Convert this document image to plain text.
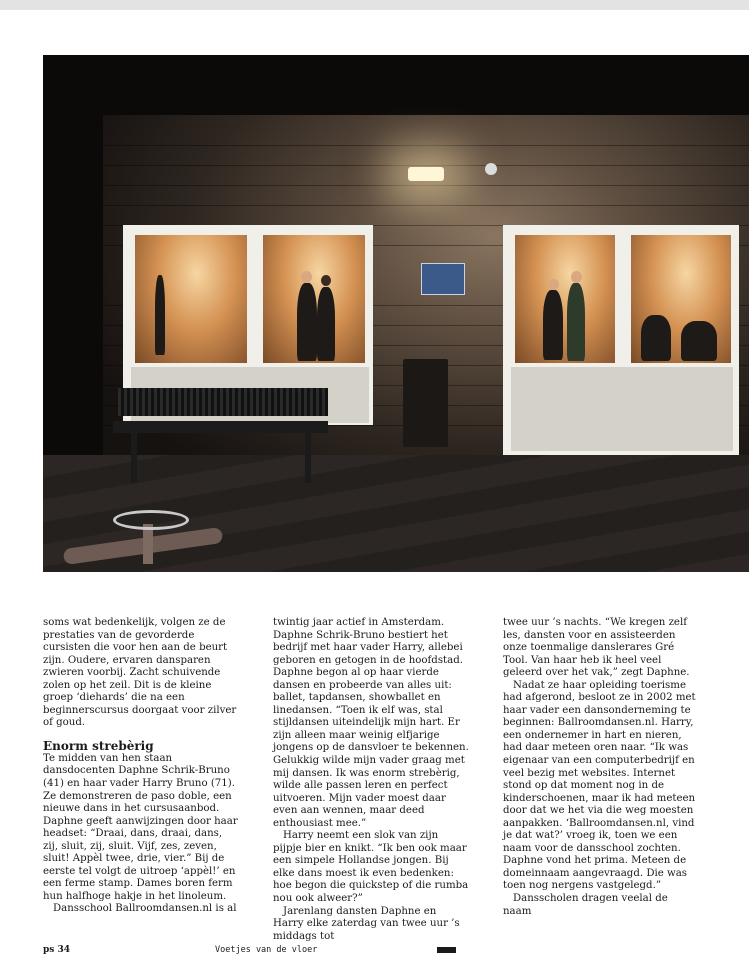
soms wat bedenkelijk, volgen ze de prestaties van de gevorderde cursisten die voor hen aan de beurt zijn. Oudere, ervaren dansparen zwieren voorbij. Zacht schuivende zolen op het zeil. Dit is de kleine groep ‘diehards’ die na een beginnerscursus doorgaat voor zilver of goud.

Enorm strebèrig

Te midden van hen staan dansdocenten Daphne Schrik-Bruno (41) en haar vader Harry Bruno (71). Ze demonstreren de paso doble, een nieuwe dans in het cursusaanbod. Daphne geeft aanwijzingen door haar headset: “Draai, dans, draai, dans, zij, sluit, zij, sluit. Vijf, zes, zeven, sluit! Appèl twee, drie, vier.” Bij de eerste tel volgt de uitroep ‘appèl!’ en een ferme stamp. Dames boren ferm hun halfhoge hakje in het linoleum.

Dansschool Ballroomdansen.nl is al

twintig jaar actief in Amsterdam. Daphne Schrik-Bruno bestiert het bedrijf met haar vader Harry, allebei geboren en getogen in de hoofdstad. Daphne begon al op haar vierde dansen en probeerde van alles uit: ballet, tapdansen, showballet en linedansen. “Toen ik elf was, stal stijldansen uiteindelijk mijn hart. Er zijn alleen maar weinig elfjarige jongens op de dansvloer te bekennen. Gelukkig wilde mijn vader graag met mij dansen. Ik was enorm strebèrig, wilde alle passen leren en perfect uitvoeren. Mijn vader moest daar even aan wennen, maar deed enthousiast mee.”

Harry neemt een slok van zijn pijpje bier en knikt. “Ik ben ook maar een simpele Hollandse jongen. Bij elke dans moest ik even bedenken: hoe begon die quickstep of die rumba nou ook alweer?”

Jarenlang dansten Daphne en Harry elke zaterdag van twee uur ’s middags tot

twee uur ’s nachts. “We kregen zelf les, dansten voor en assisteerden onze toenmalige danslerares Gré Tool. Van haar heb ik heel veel geleerd over het vak,” zegt Daphne.

Nadat ze haar opleiding toerisme had afgerond, besloot ze in 2002 met haar vader een dansonderneming te beginnen: Ballroomdansen.nl. Harry, een ondernemer in hart en nieren, had daar meteen oren naar. “Ik was eigenaar van een computerbedrijf en veel bezig met websites. Internet stond op dat moment nog in de kinderschoenen, maar ik had meteen door dat we het via die weg moesten aanpakken. ‘Ballroomdansen.nl, vind je dat wat?’ vroeg ik, toen we een naam voor de dansschool zochten. Daphne vond het prima. Meteen de domeinnaam aangevraagd. Die was toen nog nergens vastgelegd.”

Dansscholen dragen veelal de naam

ps 34	Voetjes van de vloer
